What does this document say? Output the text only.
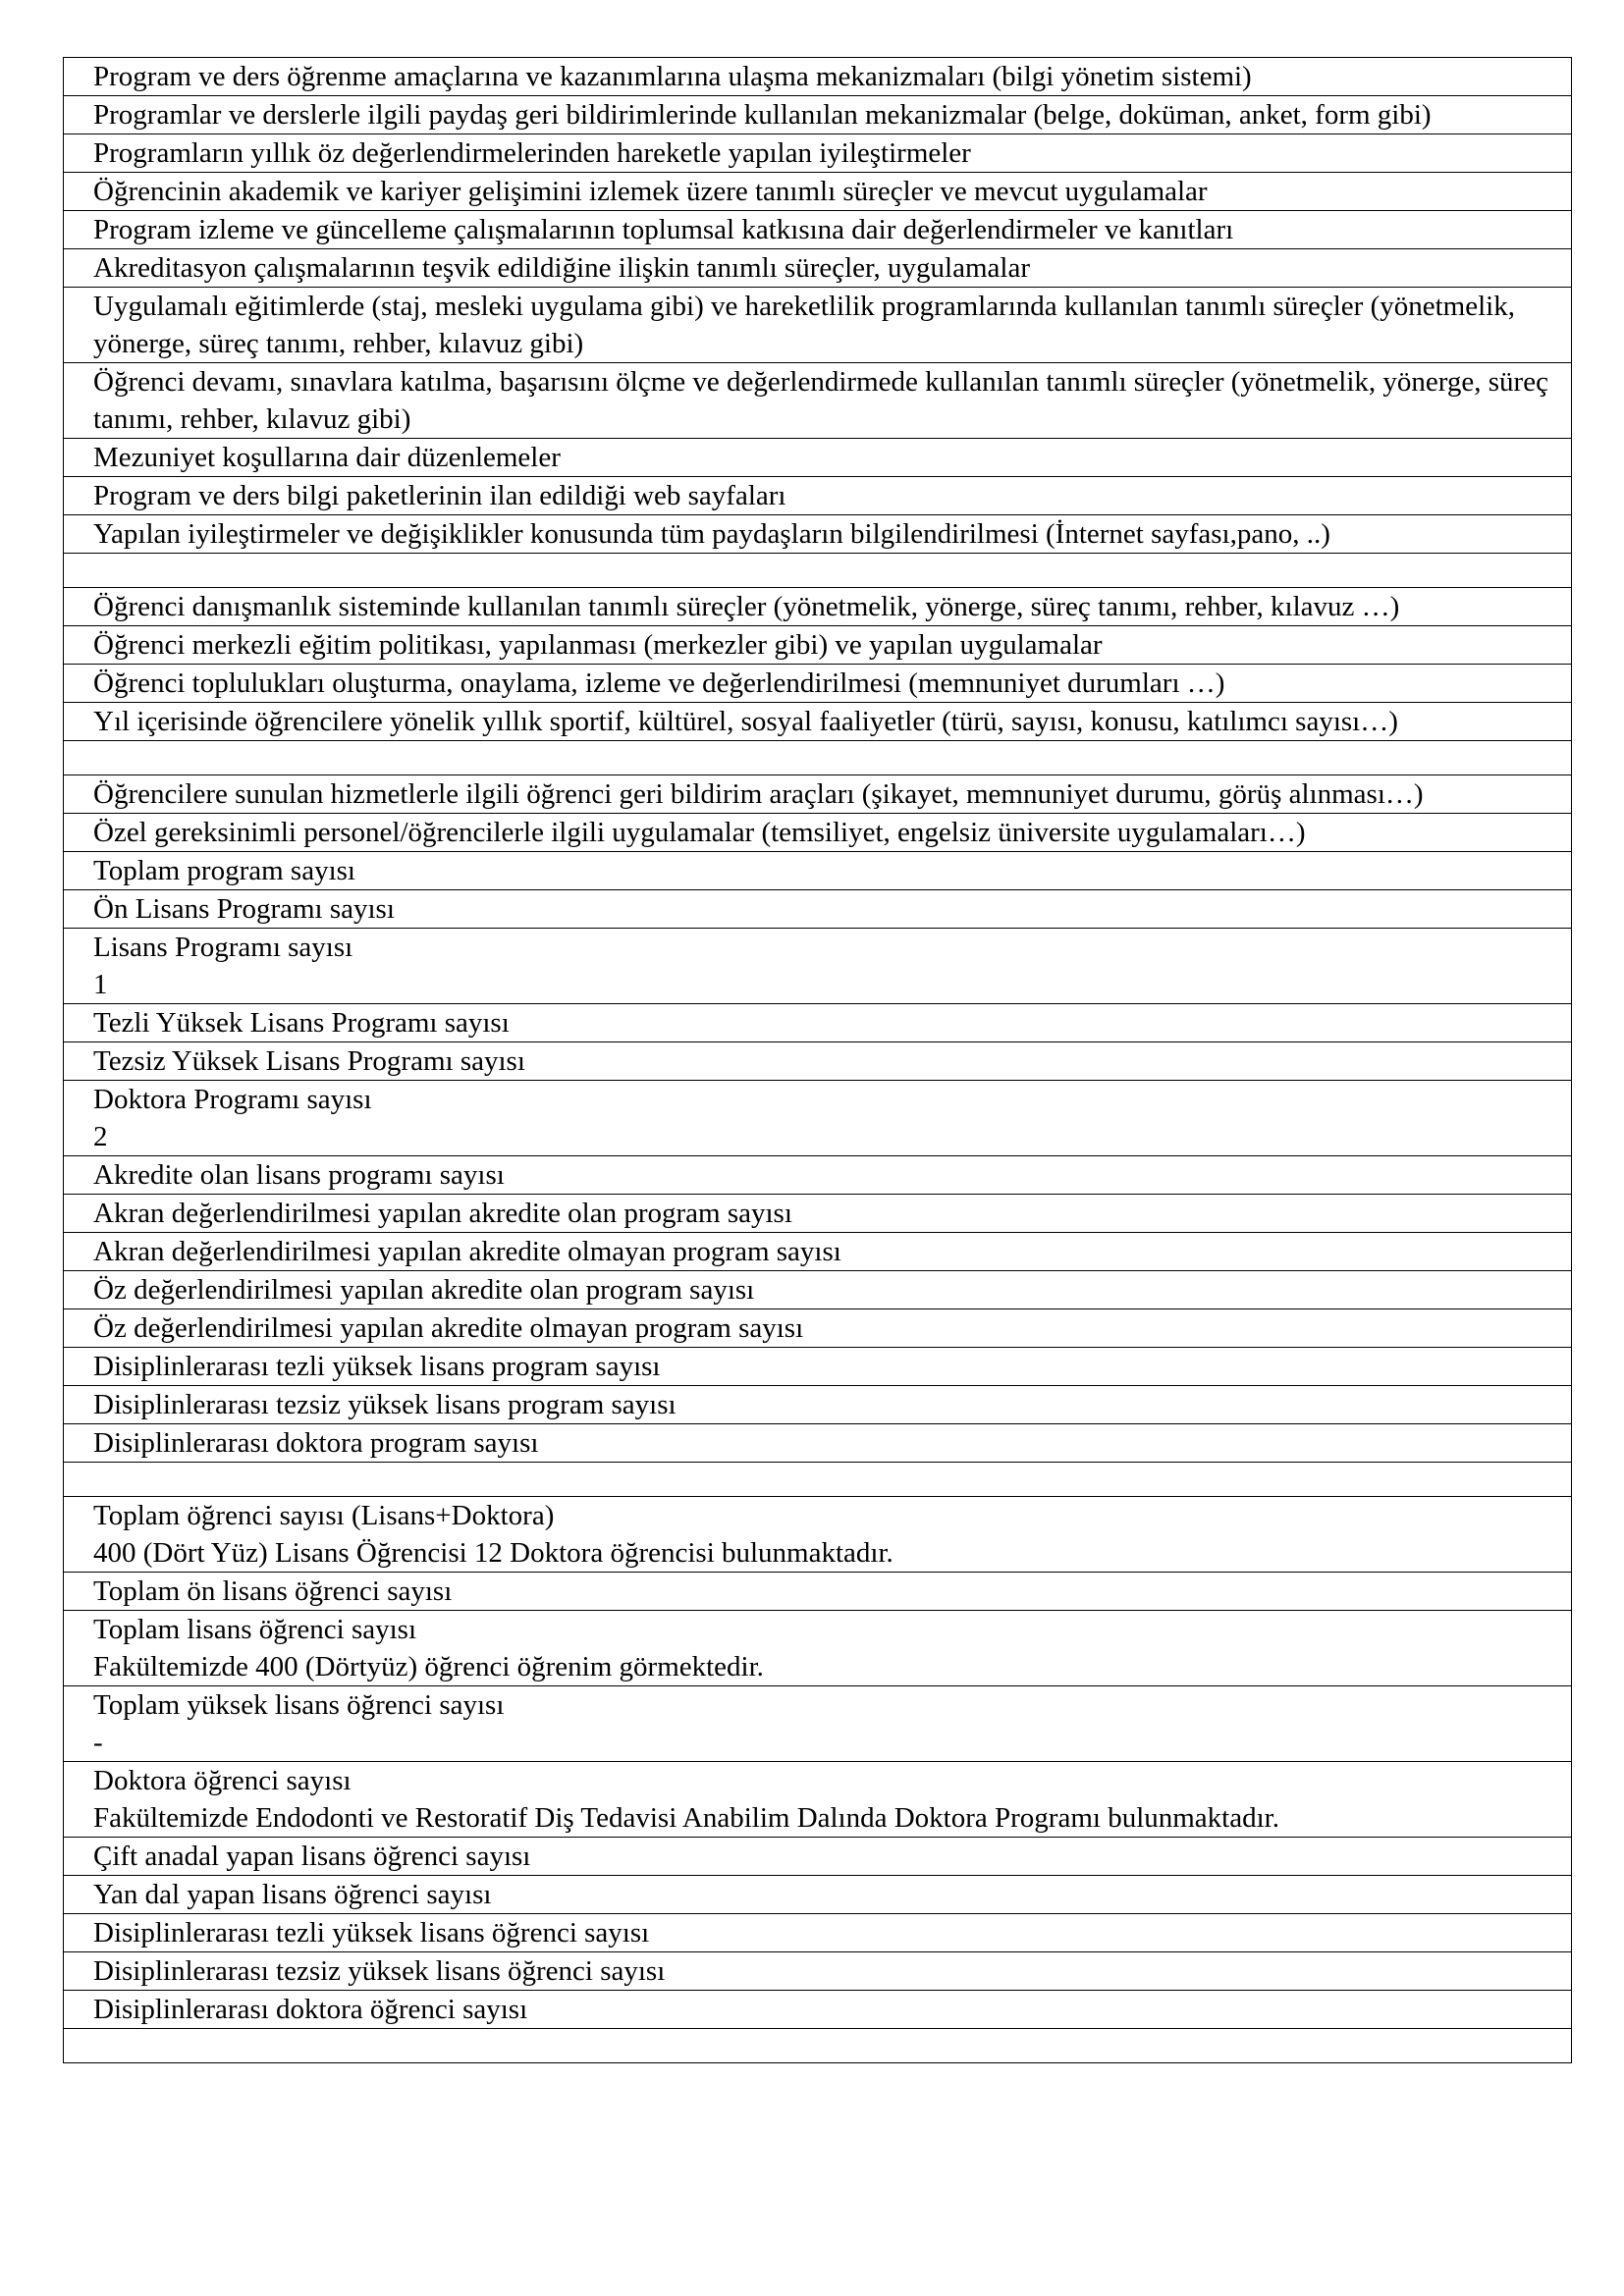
Program ve ders öğrenme amaçlarına ve kazanımlarına ulaşma mekanizmaları (bilgi yönetim sistemi)

Programlar ve derslerle ilgili paydaş geri bildirimlerinde kullanılan mekanizmalar (belge, doküman, anket, form gibi)

Programların yıllık öz değerlendirmelerinden hareketle yapılan iyileştirmeler

Öğrencinin akademik ve kariyer gelişimini izlemek üzere tanımlı süreçler ve mevcut uygulamalar

Program izleme ve güncelleme çalışmalarının toplumsal katkısına dair değerlendirmeler ve kanıtları

Akreditasyon çalışmalarının teşvik edildiğine ilişkin tanımlı süreçler, uygulamalar

Uygulamalı eğitimlerde (staj, mesleki uygulama gibi) ve hareketlilik programlarında kullanılan tanımlı süreçler (yönetmelik, yönerge, süreç tanımı, rehber, kılavuz gibi)

Öğrenci devamı, sınavlara katılma, başarısını ölçme ve değerlendirmede kullanılan tanımlı süreçler (yönetmelik, yönerge, süreç tanımı, rehber, kılavuz gibi)

Mezuniyet koşullarına dair düzenlemeler

Program ve ders bilgi paketlerinin ilan edildiği web sayfaları

Yapılan iyileştirmeler ve değişiklikler konusunda tüm paydaşların bilgilendirilmesi (İnternet sayfası,pano, ..)

Öğrenci danışmanlık sisteminde kullanılan tanımlı süreçler (yönetmelik, yönerge, süreç tanımı, rehber, kılavuz …)

Öğrenci merkezli eğitim politikası, yapılanması (merkezler gibi) ve yapılan uygulamalar

Öğrenci toplulukları oluşturma, onaylama, izleme ve değerlendirilmesi (memnuniyet durumları …)

Yıl içerisinde öğrencilere yönelik yıllık sportif, kültürel, sosyal faaliyetler (türü, sayısı, konusu, katılımcı sayısı…)

Öğrencilere sunulan hizmetlerle ilgili öğrenci geri bildirim araçları (şikayet, memnuniyet durumu, görüş alınması…)

Özel gereksinimli personel/öğrencilerle ilgili uygulamalar (temsiliyet, engelsiz üniversite uygulamaları…)

Toplam program sayısı

Ön Lisans Programı sayısı

Lisans Programı sayısı
1

Tezli Yüksek Lisans Programı sayısı

Tezsiz Yüksek Lisans Programı sayısı

Doktora Programı sayısı
2

Akredite olan lisans programı sayısı

Akran değerlendirilmesi yapılan akredite olan program sayısı

Akran değerlendirilmesi yapılan akredite olmayan program sayısı

Öz değerlendirilmesi yapılan akredite olan program sayısı

Öz değerlendirilmesi yapılan akredite olmayan program sayısı

Disiplinlerarası tezli yüksek lisans program sayısı

Disiplinlerarası tezsiz yüksek lisans program sayısı

Disiplinlerarası doktora program sayısı

Toplam öğrenci sayısı (Lisans+Doktora)
400 (Dört Yüz) Lisans Öğrencisi 12 Doktora öğrencisi bulunmaktadır.

Toplam ön lisans öğrenci sayısı

Toplam lisans öğrenci sayısı
Fakültemizde 400 (Dörtyüz) öğrenci öğrenim görmektedir.

Toplam yüksek lisans öğrenci sayısı
-

Doktora öğrenci sayısı
Fakültemizde Endodonti ve Restoratif Diş Tedavisi Anabilim Dalında Doktora Programı bulunmaktadır.

Çift anadal yapan lisans öğrenci sayısı

Yan dal yapan lisans öğrenci sayısı

Disiplinlerarası tezli yüksek lisans öğrenci sayısı

Disiplinlerarası tezsiz yüksek lisans öğrenci sayısı

Disiplinlerarası doktora öğrenci sayısı
